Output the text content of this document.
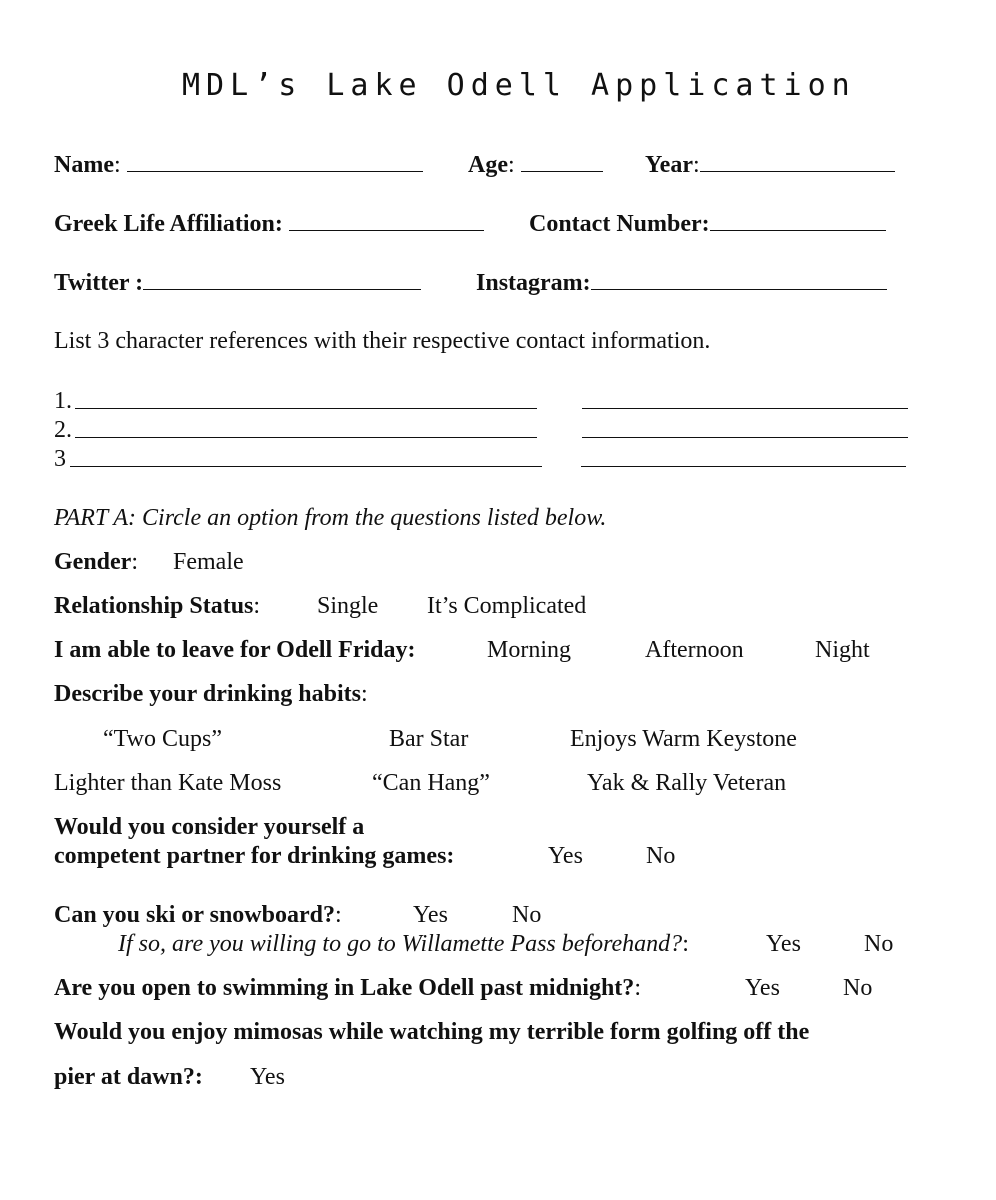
MDL’s Lake Odell Application
Name:	Age:	Year:
Greek Life Affiliation:	Contact Number:
Twitter :	Instagram:
List 3 character references with their respective contact information.
1.
2.
3
PART A: Circle an option from the questions listed below.
Gender: Female
Relationship Status: Single It’s Complicated
I am able to leave for Odell Friday:	Morning	Afternoon	Night
Describe your drinking habits:
“Two Cups”	Bar Star	Enjoys Warm Keystone
Lighter than Kate Moss	“Can Hang”	Yak & Rally Veteran
Would you consider yourself a
competent partner for drinking games:	Yes	No
Can you ski or snowboard?:	Yes	No
If so, are you willing to go to Willamette Pass beforehand?:	Yes	No
Are you open to swimming in Lake Odell past midnight?:	Yes	No
Would you enjoy mimosas while watching my terrible form golfing off the
pier at dawn?: Yes
